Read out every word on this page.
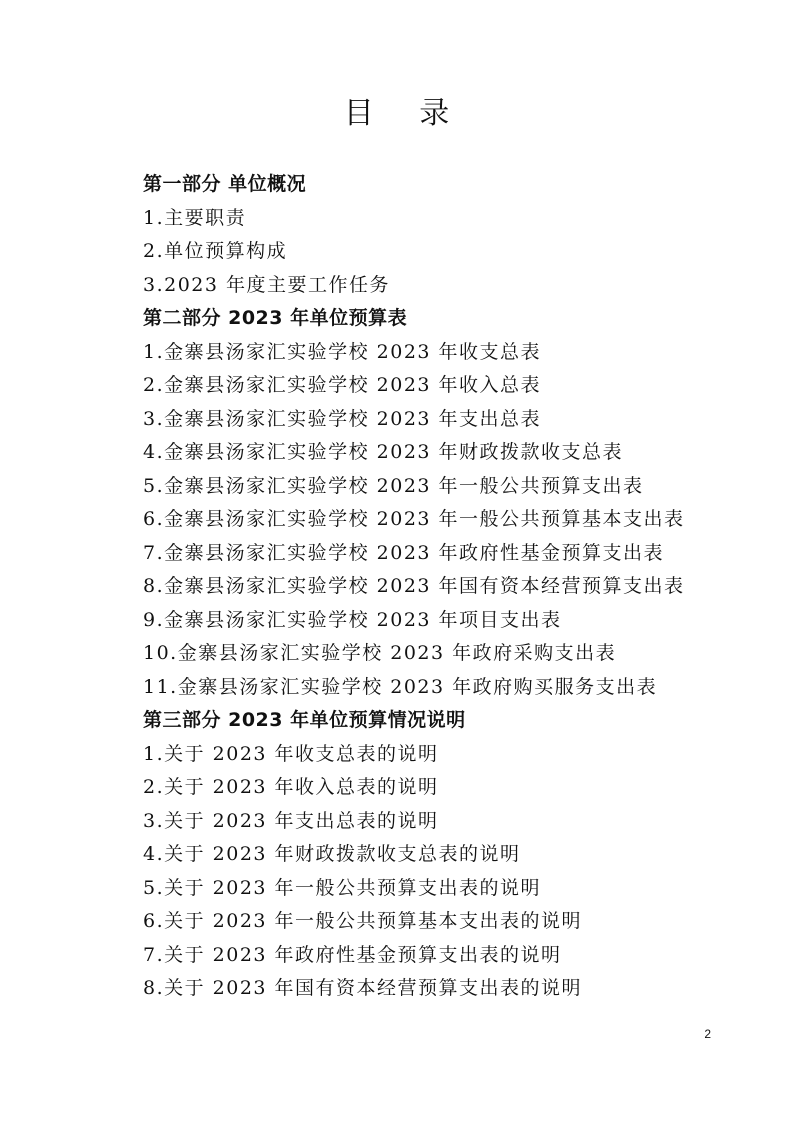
目 录
第一部分 单位概况
1.主要职责
2.单位预算构成
3.2023 年度主要工作任务
第二部分 2023 年单位预算表
1.金寨县汤家汇实验学校 2023 年收支总表
2.金寨县汤家汇实验学校 2023 年收入总表
3.金寨县汤家汇实验学校 2023 年支出总表
4.金寨县汤家汇实验学校 2023 年财政拨款收支总表
5.金寨县汤家汇实验学校 2023 年一般公共预算支出表
6.金寨县汤家汇实验学校 2023 年一般公共预算基本支出表
7.金寨县汤家汇实验学校 2023 年政府性基金预算支出表
8.金寨县汤家汇实验学校 2023 年国有资本经营预算支出表
9.金寨县汤家汇实验学校 2023 年项目支出表
10.金寨县汤家汇实验学校 2023 年政府采购支出表
11.金寨县汤家汇实验学校 2023 年政府购买服务支出表
第三部分 2023 年单位预算情况说明
1.关于 2023 年收支总表的说明
2.关于 2023 年收入总表的说明
3.关于 2023 年支出总表的说明
4.关于 2023 年财政拨款收支总表的说明
5.关于 2023 年一般公共预算支出表的说明
6.关于 2023 年一般公共预算基本支出表的说明
7.关于 2023 年政府性基金预算支出表的说明
8.关于 2023 年国有资本经营预算支出表的说明
2
